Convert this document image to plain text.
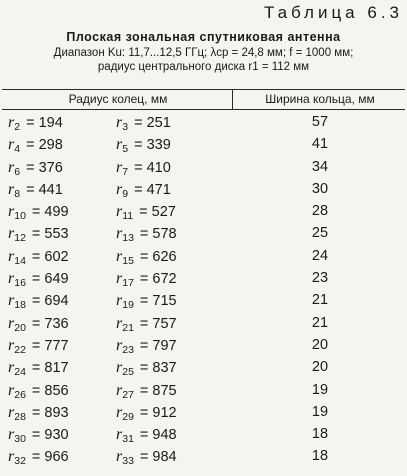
Таблица 6.3
Плоская зональная спутниковая антенна
Диапазон Ku: 11,7...12,5 ГГц; λср = 24,8 мм; f = 1000 мм;
радиус центрального диска r1 = 112 мм
Радиус колец, мм	Ширина кольца, мм
$r_2 = 194$	$r_3 = 251$	57
$r_4 = 298$	$r_5 = 339$	41
$r_6 = 376$	$r_7 = 410$	34
$r_8 = 441$	$r_9 = 471$	30
$r_{10} = 499$	$r_{11} = 527$	28
$r_{12} = 553$	$r_{13} = 578$	25
$r_{14} = 602$	$r_{15} = 626$	24
$r_{16} = 649$	$r_{17} = 672$	23
$r_{18} = 694$	$r_{19} = 715$	21
$r_{20} = 736$	$r_{21} = 757$	21
$r_{22} = 777$	$r_{23} = 797$	20
$r_{24} = 817$	$r_{25} = 837$	20
$r_{26} = 856$	$r_{27} = 875$	19
$r_{28} = 893$	$r_{29} = 912$	19
$r_{30} = 930$	$r_{31} = 948$	18
$r_{32} = 966$	$r_{33} = 984$	18
